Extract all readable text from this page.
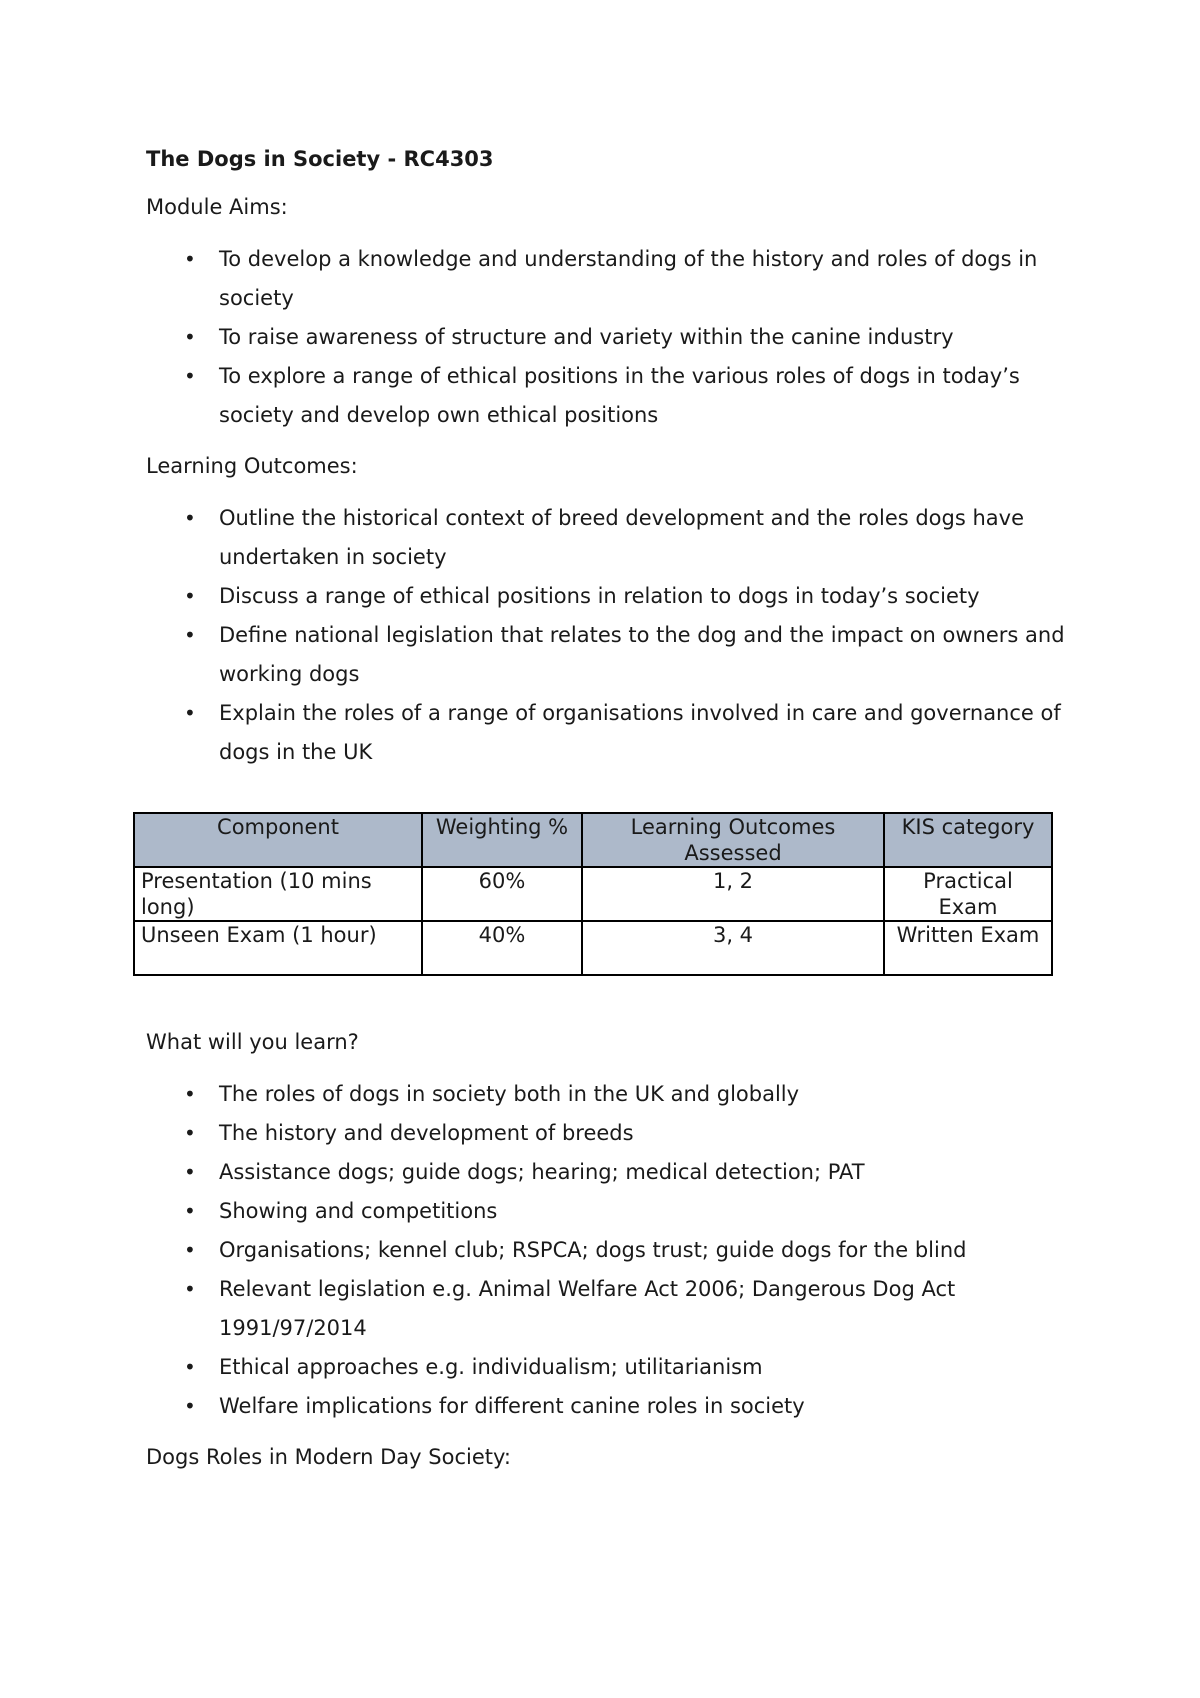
The Dogs in Society - RC4303

Module Aims:

• To develop a knowledge and understanding of the history and roles of dogs in society
• To raise awareness of structure and variety within the canine industry
• To explore a range of ethical positions in the various roles of dogs in today’s society and develop own ethical positions

Learning Outcomes:

• Outline the historical context of breed development and the roles dogs have undertaken in society
• Discuss a range of ethical positions in relation to dogs in today’s society
• Define national legislation that relates to the dog and the impact on owners and working dogs
• Explain the roles of a range of organisations involved in care and governance of dogs in the UK
Component	Weighting %	Learning Outcomes Assessed	KIS category
Presentation (10 mins long)	60%	1, 2	Practical Exam
Unseen Exam (1 hour)	40%	3, 4	Written Exam

What will you learn?

• The roles of dogs in society both in the UK and globally
• The history and development of breeds
• Assistance dogs; guide dogs; hearing; medical detection; PAT
• Showing and competitions
• Organisations; kennel club; RSPCA; dogs trust; guide dogs for the blind
• Relevant legislation e.g. Animal Welfare Act 2006; Dangerous Dog Act 1991/97/2014
• Ethical approaches e.g. individualism; utilitarianism
• Welfare implications for different canine roles in society

Dogs Roles in Modern Day Society:
